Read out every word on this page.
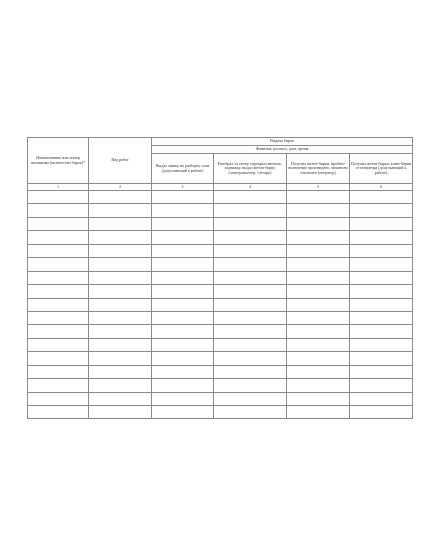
Наименование или номер механизма (количество бирок)*	Вид работ	Выдача бирок			
		Фамилия, роспись, дата, время			
		Выдал заявку на разборку схем (допускающий к работе)	Разобрал эл.схему, перекрыл вентиль, задвижку, выдал жетон-бирку (электромонтер, слесарь)	Получил жетон-бирки, пробное включение произведено, механизм отключен (оператор)	Получил жетон-бирки, ключ-бирки от оператора (допускающий к работе)
1	2	3	4	5	6
